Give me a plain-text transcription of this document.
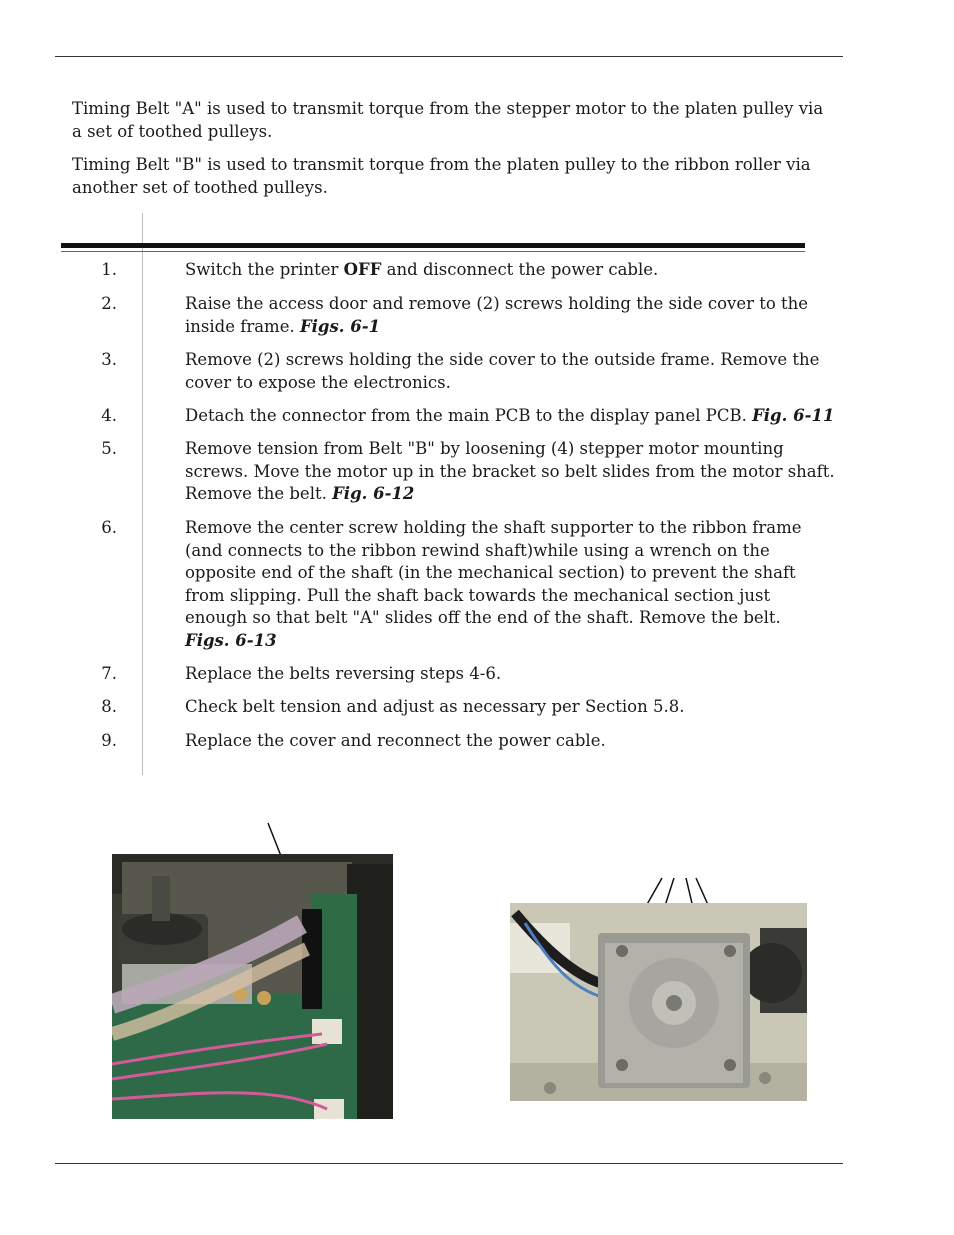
Timing Belt "A" is used to transmit torque from the stepper motor to the platen pulley via a set of toothed pulleys.

Timing Belt "B" is used to transmit torque from the platen pulley to the ribbon roller via another set of toothed pulleys.

1.	Switch the printer OFF and disconnect the power cable.
2.	Raise the access door and remove (2) screws holding the side cover to the inside frame. Figs. 6-1
3.	Remove (2) screws holding the side cover to the outside frame. Remove the cover to expose the electronics.
4.	Detach the connector from the main PCB to the display panel PCB. Fig. 6-11
5.	Remove tension from Belt "B" by loosening (4) stepper motor mounting screws. Move the motor up in the bracket so belt slides from the motor shaft. Remove the belt. Fig. 6-12
6.	Remove the center screw holding the shaft supporter to the ribbon frame (and connects to the ribbon rewind shaft)while using a wrench on the opposite end of the shaft (in the mechanical section) to prevent the shaft from slipping. Pull the shaft back towards the mechanical section just enough so that belt "A" slides off the end of the shaft. Remove the belt.
Figs. 6-13
7.	Replace the belts reversing steps 4-6.
8.	Check belt tension and adjust as necessary per Section 5.8.
9.	Replace the cover and reconnect the power cable.
